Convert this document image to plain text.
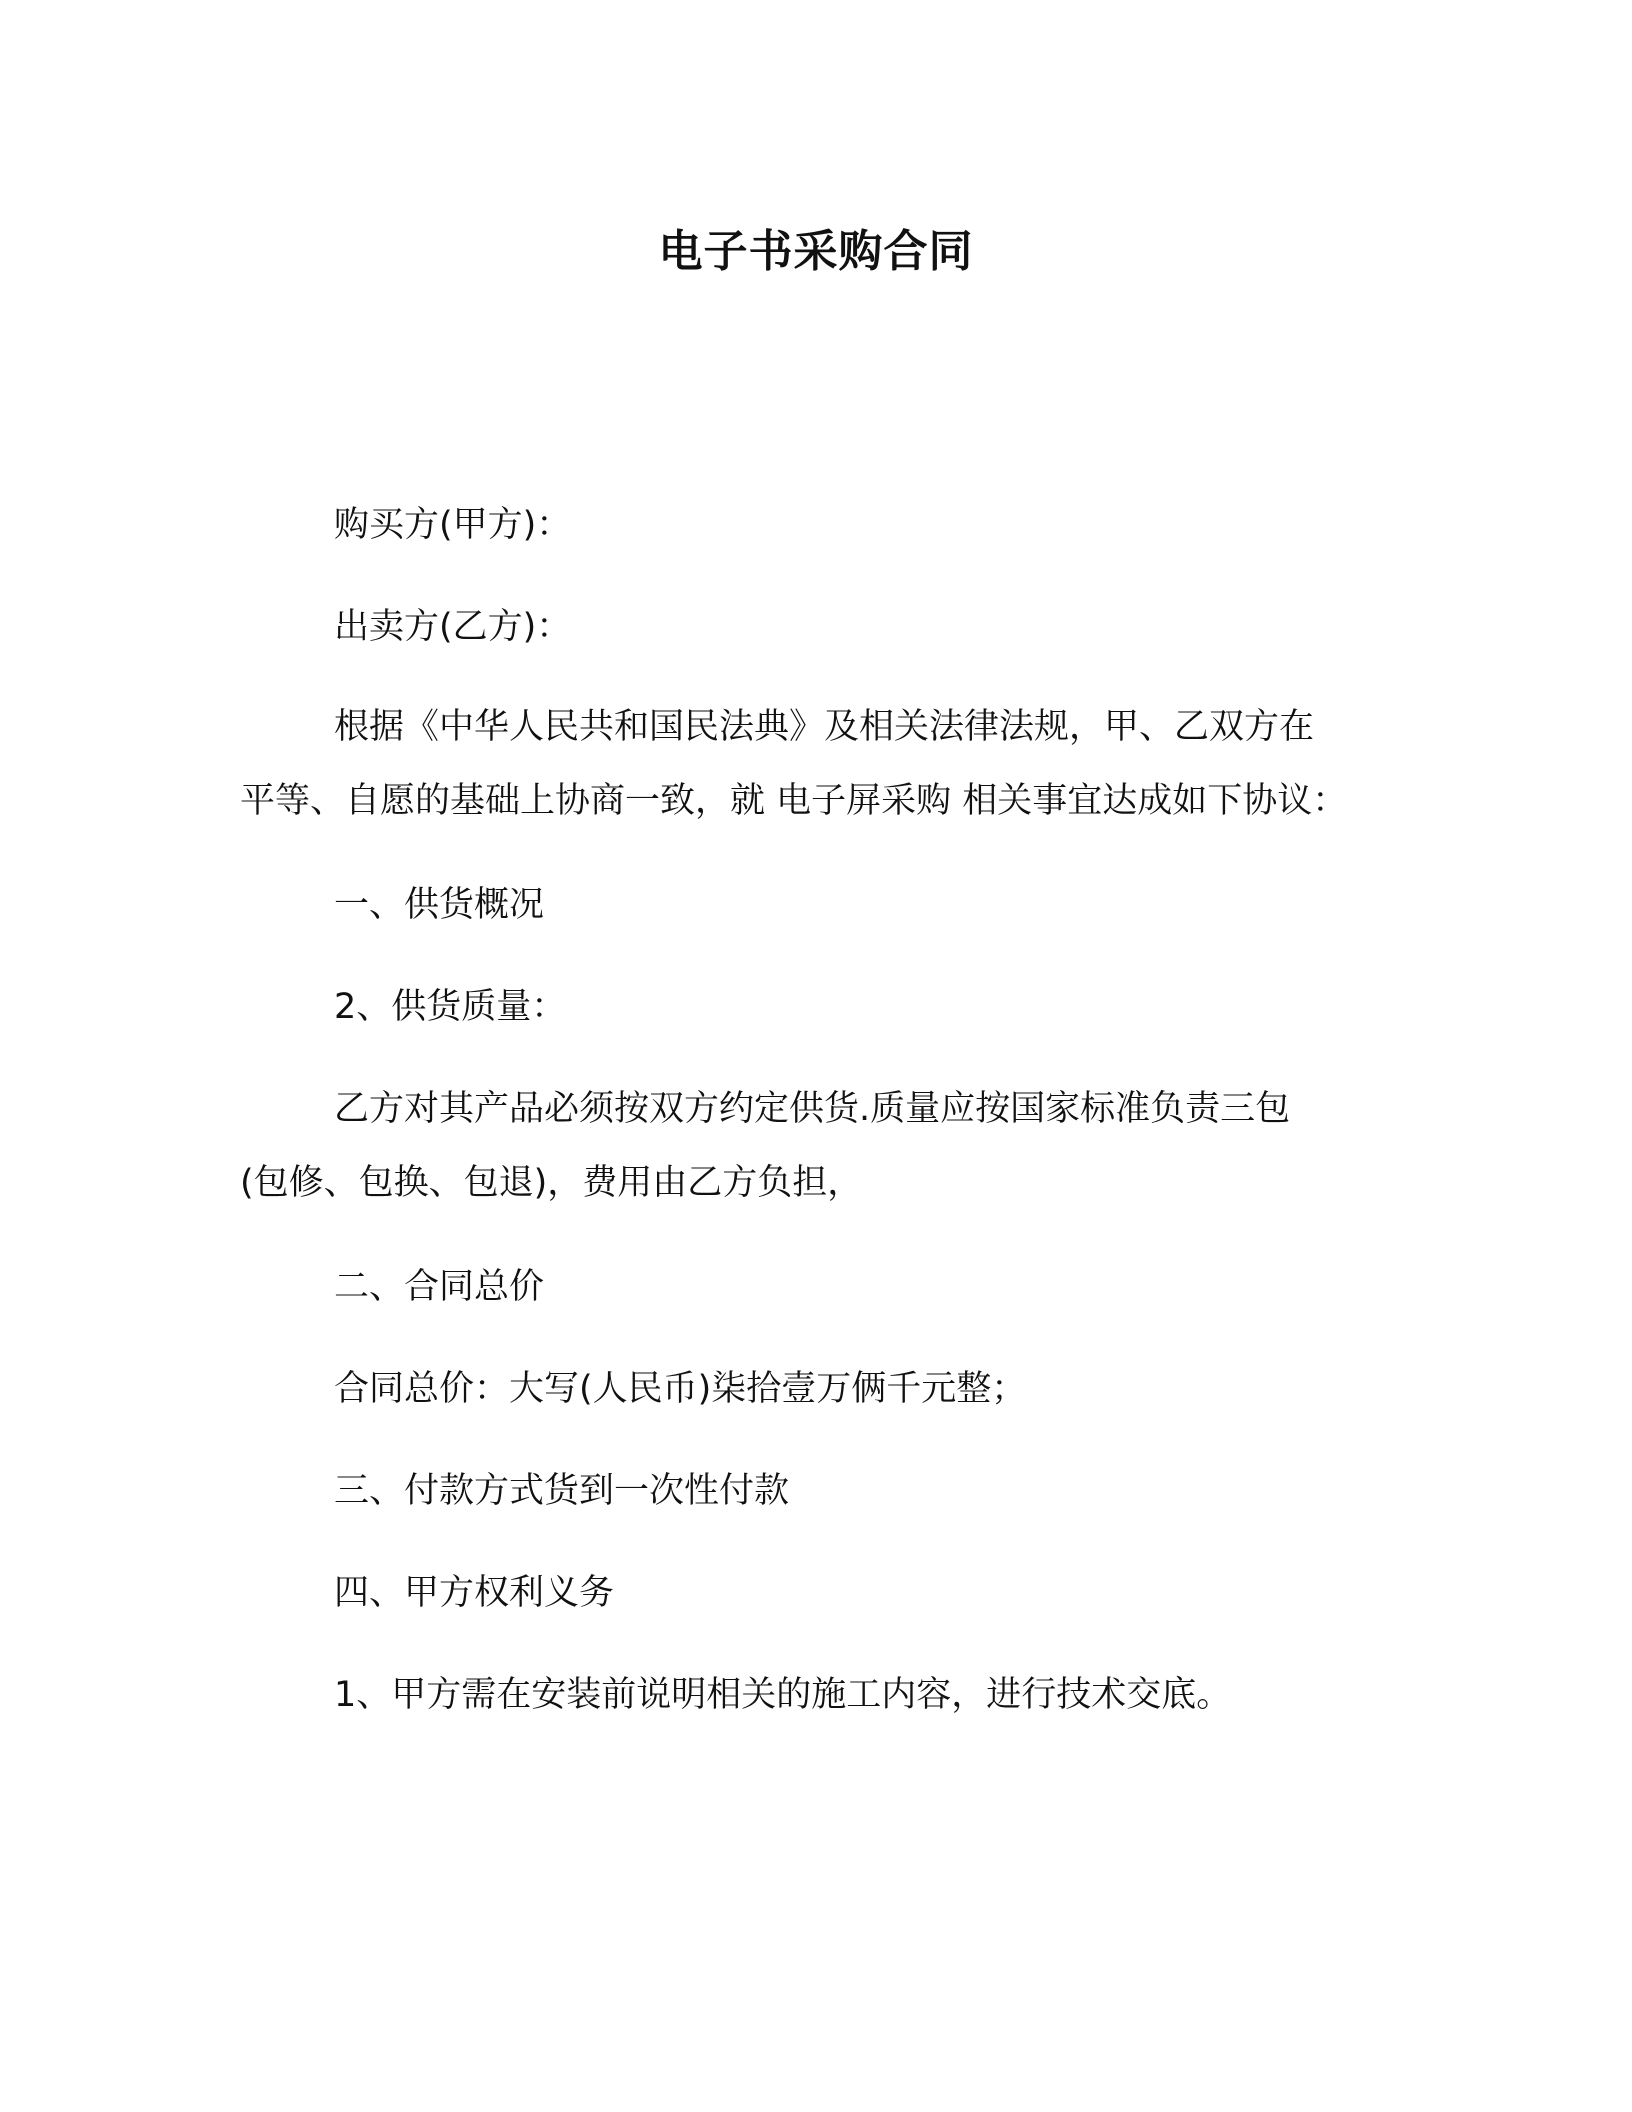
电子书采购合同
购买方(甲方)：
出卖方(乙方)：
根据《中华人民共和国民法典》及相关法律法规，甲、乙双方在
平等、自愿的基础上协商一致，就 电子屏采购 相关事宜达成如下协议：
一、供货概况
2、供货质量：
乙方对其产品必须按双方约定供货.质量应按国家标准负责三包
(包修、包换、包退)，费用由乙方负担，
二、合同总价
合同总价：大写(人民币)柒拾壹万俩千元整；
三、付款方式货到一次性付款
四、甲方权利义务
1、甲方需在安装前说明相关的施工内容，进行技术交底。
